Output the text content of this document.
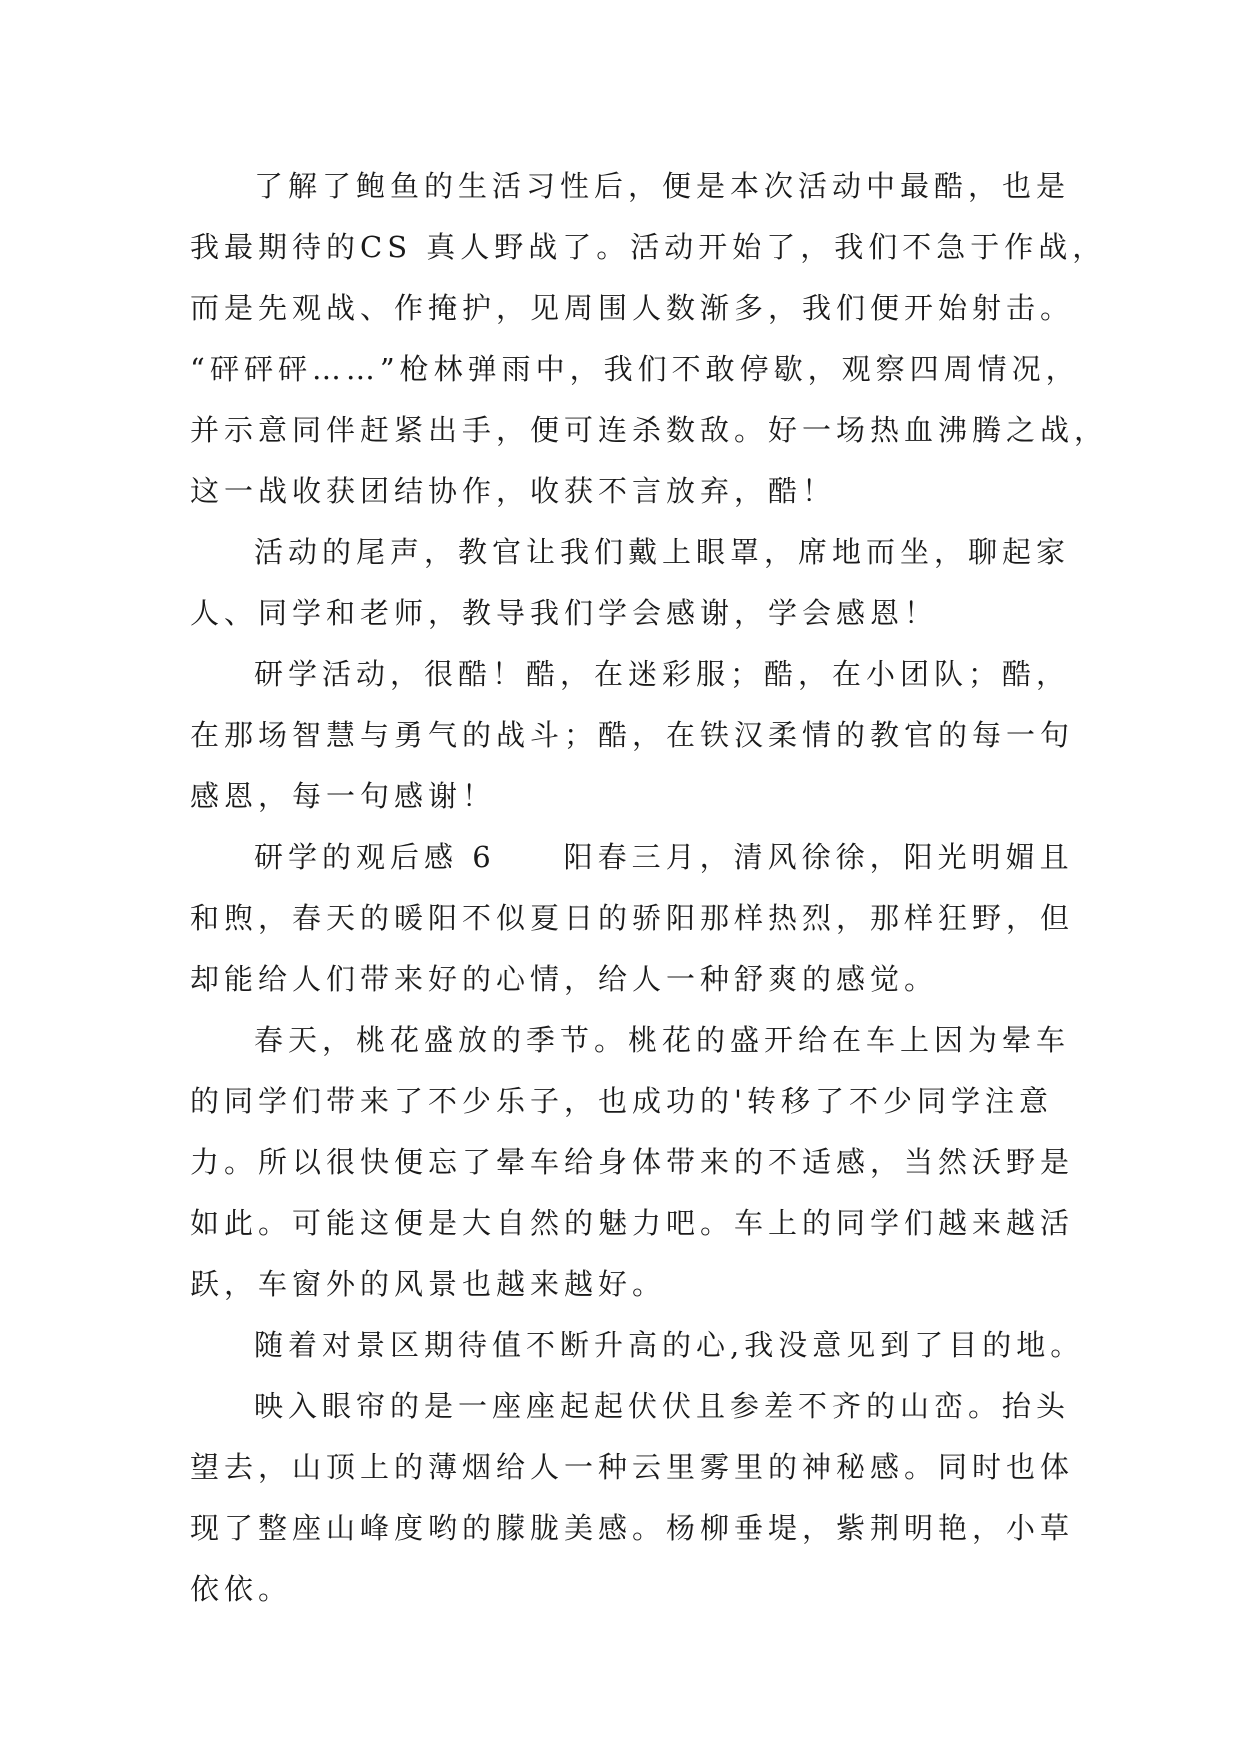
了解了鲍鱼的生活习性后，便是本次活动中最酷，也是
我最期待的CS 真人野战了。活动开始了，我们不急于作战，
而是先观战、作掩护，见周围人数渐多，我们便开始射击。
“砰砰砰……”枪林弹雨中，我们不敢停歇，观察四周情况，
并示意同伴赶紧出手，便可连杀数敌。好一场热血沸腾之战，
这一战收获团结协作，收获不言放弃，酷！
活动的尾声，教官让我们戴上眼罩，席地而坐，聊起家
人、同学和老师，教导我们学会感谢，学会感恩！
研学活动，很酷！酷，在迷彩服；酷，在小团队；酷，
在那场智慧与勇气的战斗；酷，在铁汉柔情的教官的每一句
感恩，每一句感谢！
研学的观后感 6　　阳春三月，清风徐徐，阳光明媚且
和煦，春天的暖阳不似夏日的骄阳那样热烈，那样狂野，但
却能给人们带来好的心情，给人一种舒爽的感觉。
春天，桃花盛放的季节。桃花的盛开给在车上因为晕车
的同学们带来了不少乐子，也成功的'转移了不少同学注意
力。所以很快便忘了晕车给身体带来的不适感，当然沃野是
如此。可能这便是大自然的魅力吧。车上的同学们越来越活
跃，车窗外的风景也越来越好。
随着对景区期待值不断升高的心,我没意见到了目的地。
映入眼帘的是一座座起起伏伏且参差不齐的山峦。抬头
望去，山顶上的薄烟给人一种云里雾里的神秘感。同时也体
现了整座山峰度哟的朦胧美感。杨柳垂堤，紫荆明艳，小草
依依。
